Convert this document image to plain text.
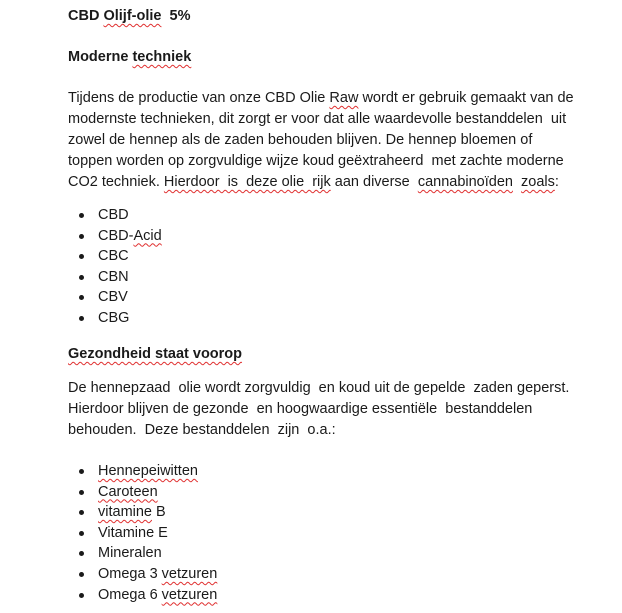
CBD Olijf-olie  5%
Moderne techniek
Tijdens de productie van onze CBD Olie Raw wordt er gebruik gemaakt van de
modernste technieken, dit zorgt er voor dat alle waardevolle bestanddelen  uit
zowel de hennep als de zaden behouden blijven. De hennep bloemen of
toppen worden op zorgvuldige wijze koud geëxtraheerd  met zachte moderne
CO2 techniek. Hierdoor  is  deze olie  rijk aan diverse  cannabinoïden zoals:
CBD
CBD-Acid
CBC
CBN
CBV
CBG
Gezondheid staat voorop
De hennepzaad  olie wordt zorgvuldig  en koud uit de gepelde  zaden geperst.
Hierdoor blijven de gezonde  en hoogwaardige essentiële  bestanddelen
behouden.  Deze bestanddelen  zijn  o.a.:
Hennepeiwitten
Caroteen
vitamine B
Vitamine E
Mineralen
Omega 3 vetzuren
Omega 6 vetzuren
